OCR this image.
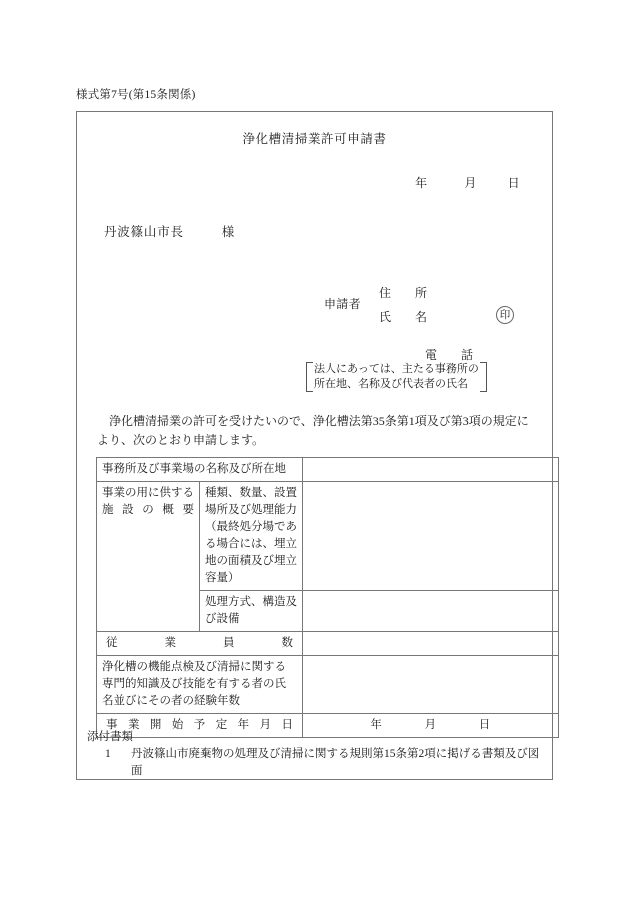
様式第7号(第15条関係)
浄化槽清掃業許可申請書
年	月	日
丹波篠山市長	様
申請者
住　所
氏　名	印
電　話
法人にあっては、主たる事務所の
所在地、名称及び代表者の氏名
浄化槽清掃業の許可を受けたいので、浄化槽法第35条第1項及び第3項の規定により、次のとおり申請します。
事務所及び事業場の名称及び所在地		
事業の用に供する施設の概要	種類、数量、設置場所及び処理能力（最終処分場である場合には、埋立地の面積及び埋立容量）	
	処理方式、構造及び設備	

従 業 員 数		

浄化槽の機能点検及び清掃に関する専門的知識及び技能を有する者の氏名並びにその者の経験年数		

事 業 開 始 予 定 年 月 日	年	月	日
添付書類
1	丹波篠山市廃棄物の処理及び清掃に関する規則第15条第2項に掲げる書類及び図面
